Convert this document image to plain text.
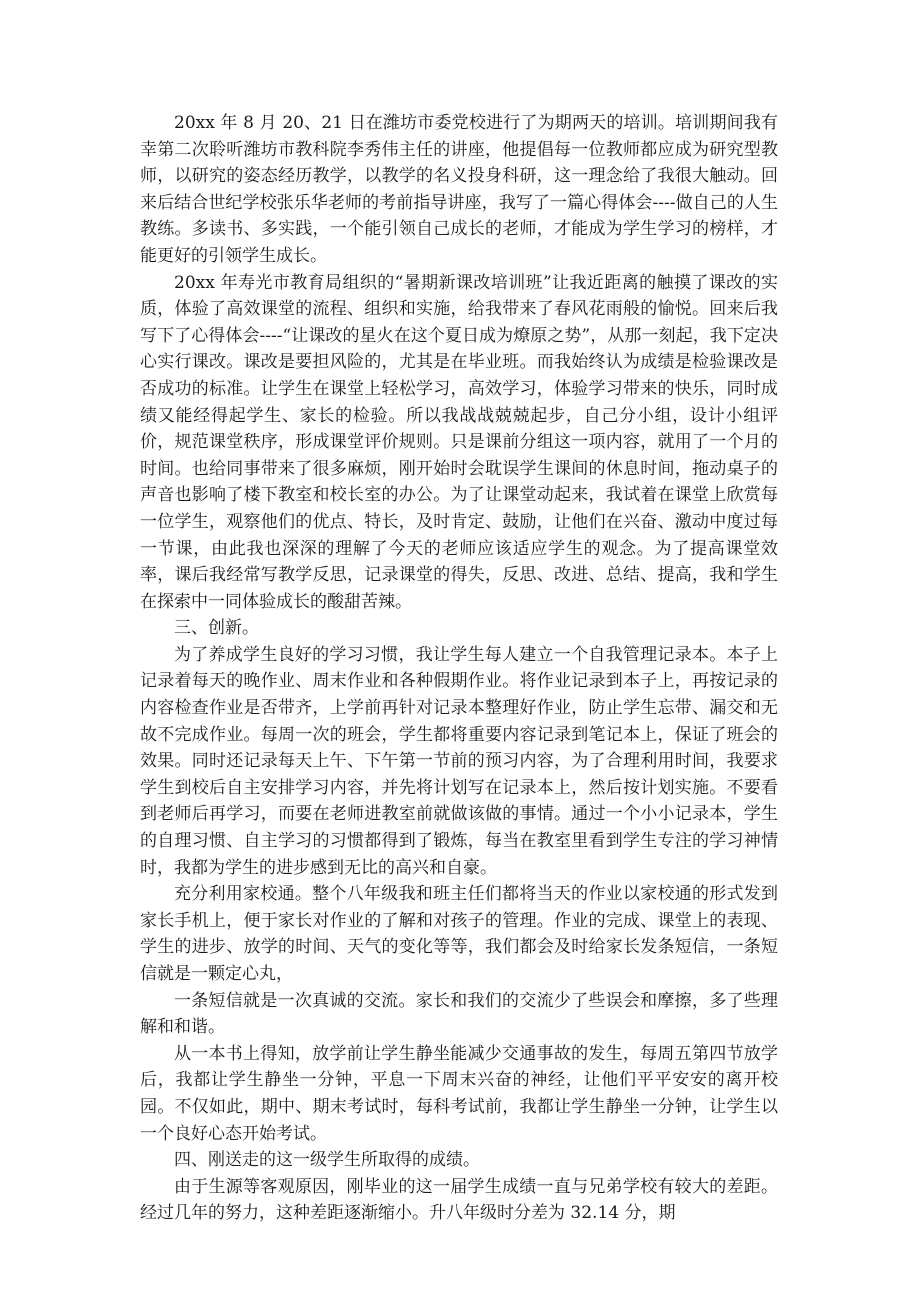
20xx 年 8 月 20、21 日在潍坊市委党校进行了为期两天的培训。培训期间我有幸第二次聆听潍坊市教科院李秀伟主任的讲座，他提倡每一位教师都应成为研究型教师，以研究的姿态经历教学，以教学的名义投身科研，这一理念给了我很大触动。回来后结合世纪学校张乐华老师的考前指导讲座，我写了一篇心得体会----做自己的人生教练。多读书、多实践，一个能引领自己成长的老师，才能成为学生学习的榜样，才能更好的引领学生成长。

20xx 年寿光市教育局组织的“暑期新课改培训班”让我近距离的触摸了课改的实质，体验了高效课堂的流程、组织和实施，给我带来了春风花雨般的愉悦。回来后我写下了心得体会----“让课改的星火在这个夏日成为燎原之势”，从那一刻起，我下定决心实行课改。课改是要担风险的，尤其是在毕业班。而我始终认为成绩是检验课改是否成功的标准。让学生在课堂上轻松学习，高效学习，体验学习带来的快乐，同时成绩又能经得起学生、家长的检验。所以我战战兢兢起步，自己分小组，设计小组评价，规范课堂秩序，形成课堂评价规则。只是课前分组这一项内容，就用了一个月的时间。也给同事带来了很多麻烦，刚开始时会耽误学生课间的休息时间，拖动桌子的声音也影响了楼下教室和校长室的办公。为了让课堂动起来，我试着在课堂上欣赏每一位学生，观察他们的优点、特长，及时肯定、鼓励，让他们在兴奋、激动中度过每一节课，由此我也深深的理解了今天的老师应该适应学生的观念。为了提高课堂效率，课后我经常写教学反思，记录课堂的得失，反思、改进、总结、提高，我和学生在探索中一同体验成长的酸甜苦辣。

三、创新。

为了养成学生良好的学习习惯，我让学生每人建立一个自我管理记录本。本子上记录着每天的晚作业、周末作业和各种假期作业。将作业记录到本子上，再按记录的内容检查作业是否带齐，上学前再针对记录本整理好作业，防止学生忘带、漏交和无故不完成作业。每周一次的班会，学生都将重要内容记录到笔记本上，保证了班会的效果。同时还记录每天上午、下午第一节前的预习内容，为了合理利用时间，我要求学生到校后自主安排学习内容，并先将计划写在记录本上，然后按计划实施。不要看到老师后再学习，而要在老师进教室前就做该做的事情。通过一个小小记录本，学生的自理习惯、自主学习的习惯都得到了锻炼，每当在教室里看到学生专注的学习神情时，我都为学生的进步感到无比的高兴和自豪。

充分利用家校通。整个八年级我和班主任们都将当天的作业以家校通的形式发到家长手机上，便于家长对作业的了解和对孩子的管理。作业的完成、课堂上的表现、学生的进步、放学的时间、天气的变化等等，我们都会及时给家长发条短信，一条短信就是一颗定心丸，

一条短信就是一次真诚的交流。家长和我们的交流少了些误会和摩擦，多了些理解和和谐。

从一本书上得知，放学前让学生静坐能减少交通事故的发生，每周五第四节放学后，我都让学生静坐一分钟，平息一下周末兴奋的神经，让他们平平安安的离开校园。不仅如此，期中、期末考试时，每科考试前，我都让学生静坐一分钟，让学生以一个良好心态开始考试。

四、刚送走的这一级学生所取得的成绩。

由于生源等客观原因，刚毕业的这一届学生成绩一直与兄弟学校有较大的差距。经过几年的努力，这种差距逐渐缩小。升八年级时分差为 32.14 分，期
